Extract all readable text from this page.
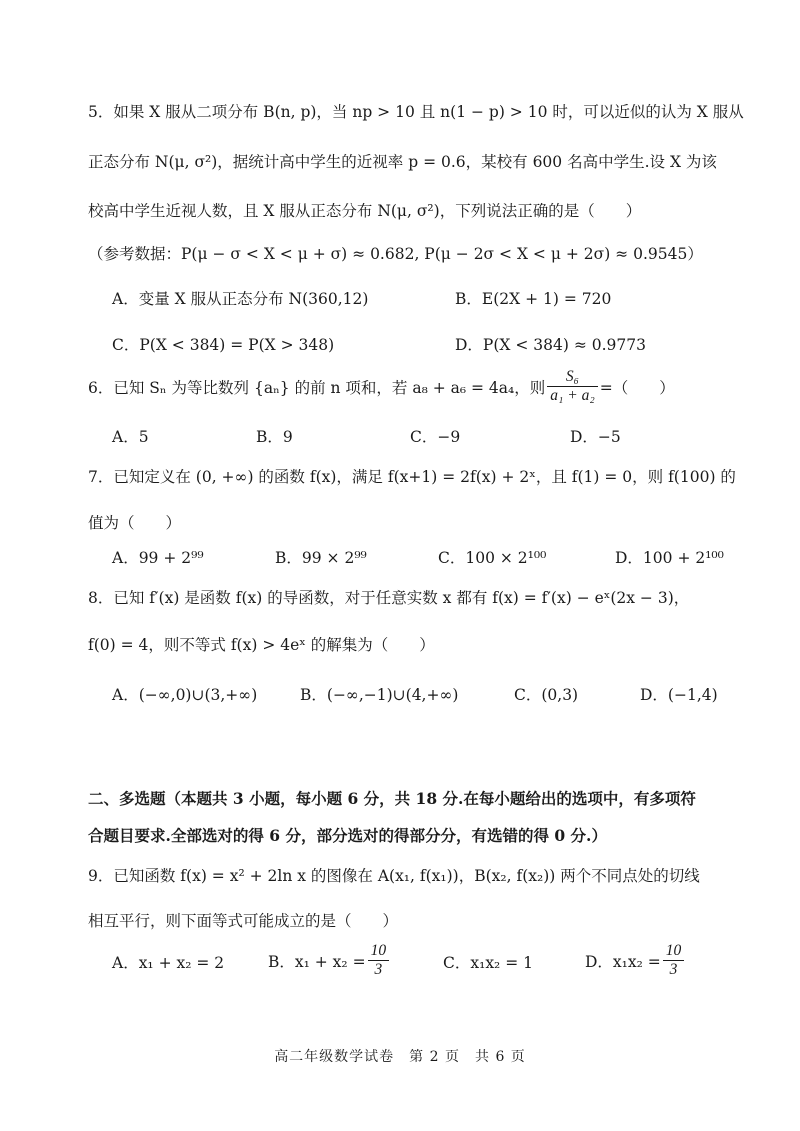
5．如果 X 服从二项分布 B(n, p)，当 np > 10 且 n(1 − p) > 10 时，可以近似的认为 X 服从
正态分布 N(μ, σ²)，据统计高中学生的近视率 p = 0.6，某校有 600 名高中学生.设 X 为该
校高中学生近视人数，且 X 服从正态分布 N(μ, σ²)，下列说法正确的是（　　）
（参考数据：P(μ − σ < X < μ + σ) ≈ 0.682, P(μ − 2σ < X < μ + 2σ) ≈ 0.9545）
A．变量 X 服从正态分布 N(360,12)	B．E(2X + 1) = 720
C．P(X < 384) = P(X > 348)	D．P(X < 384) ≈ 0.9773
6．已知 Sₙ 为等比数列 {aₙ} 的前 n 项和，若 a₈ + a₆ = 4a₄，则 $\frac{\text{S₆}}{\text{a₁ + a₂}}$ =（　　）
A．5	B．9	C．−9	D．−5
7．已知定义在 (0, +∞) 的函数 f(x)，满足 f(x+1) = 2f(x) + 2ˣ，且 f(1) = 0，则 f(100) 的
值为（　　）
A．99 + 2⁹⁹	B．99 × 2⁹⁹	C．100 × 2¹⁰⁰	D．100 + 2¹⁰⁰
8．已知 f′(x) 是函数 f(x) 的导函数，对于任意实数 x 都有 f(x) = f′(x) − eˣ(2x − 3)，
f(0) = 4，则不等式 f(x) > 4eˣ 的解集为（　　）
A．(−∞,0)∪(3,+∞)	B．(−∞,−1)∪(4,+∞)	C．(0,3)	D．(−1,4)
二、多选题（本题共 3 小题，每小题 6 分，共 18 分.在每小题给出的选项中，有多项符
合题目要求.全部选对的得 6 分，部分选对的得部分分，有选错的得 0 分.）
9．已知函数 f(x) = x² + 2ln x 的图像在 A(x₁, f(x₁))，B(x₂, f(x₂)) 两个不同点处的切线
相互平行，则下面等式可能成立的是（　　）
A．x₁ + x₂ = 2	B．$x_1 + x_2 = \frac{10}{3}$	C．x₁x₂ = 1	D．$x_1x_2 = \frac{10}{3}$
高二年级数学试卷　第 2 页　共 6 页
